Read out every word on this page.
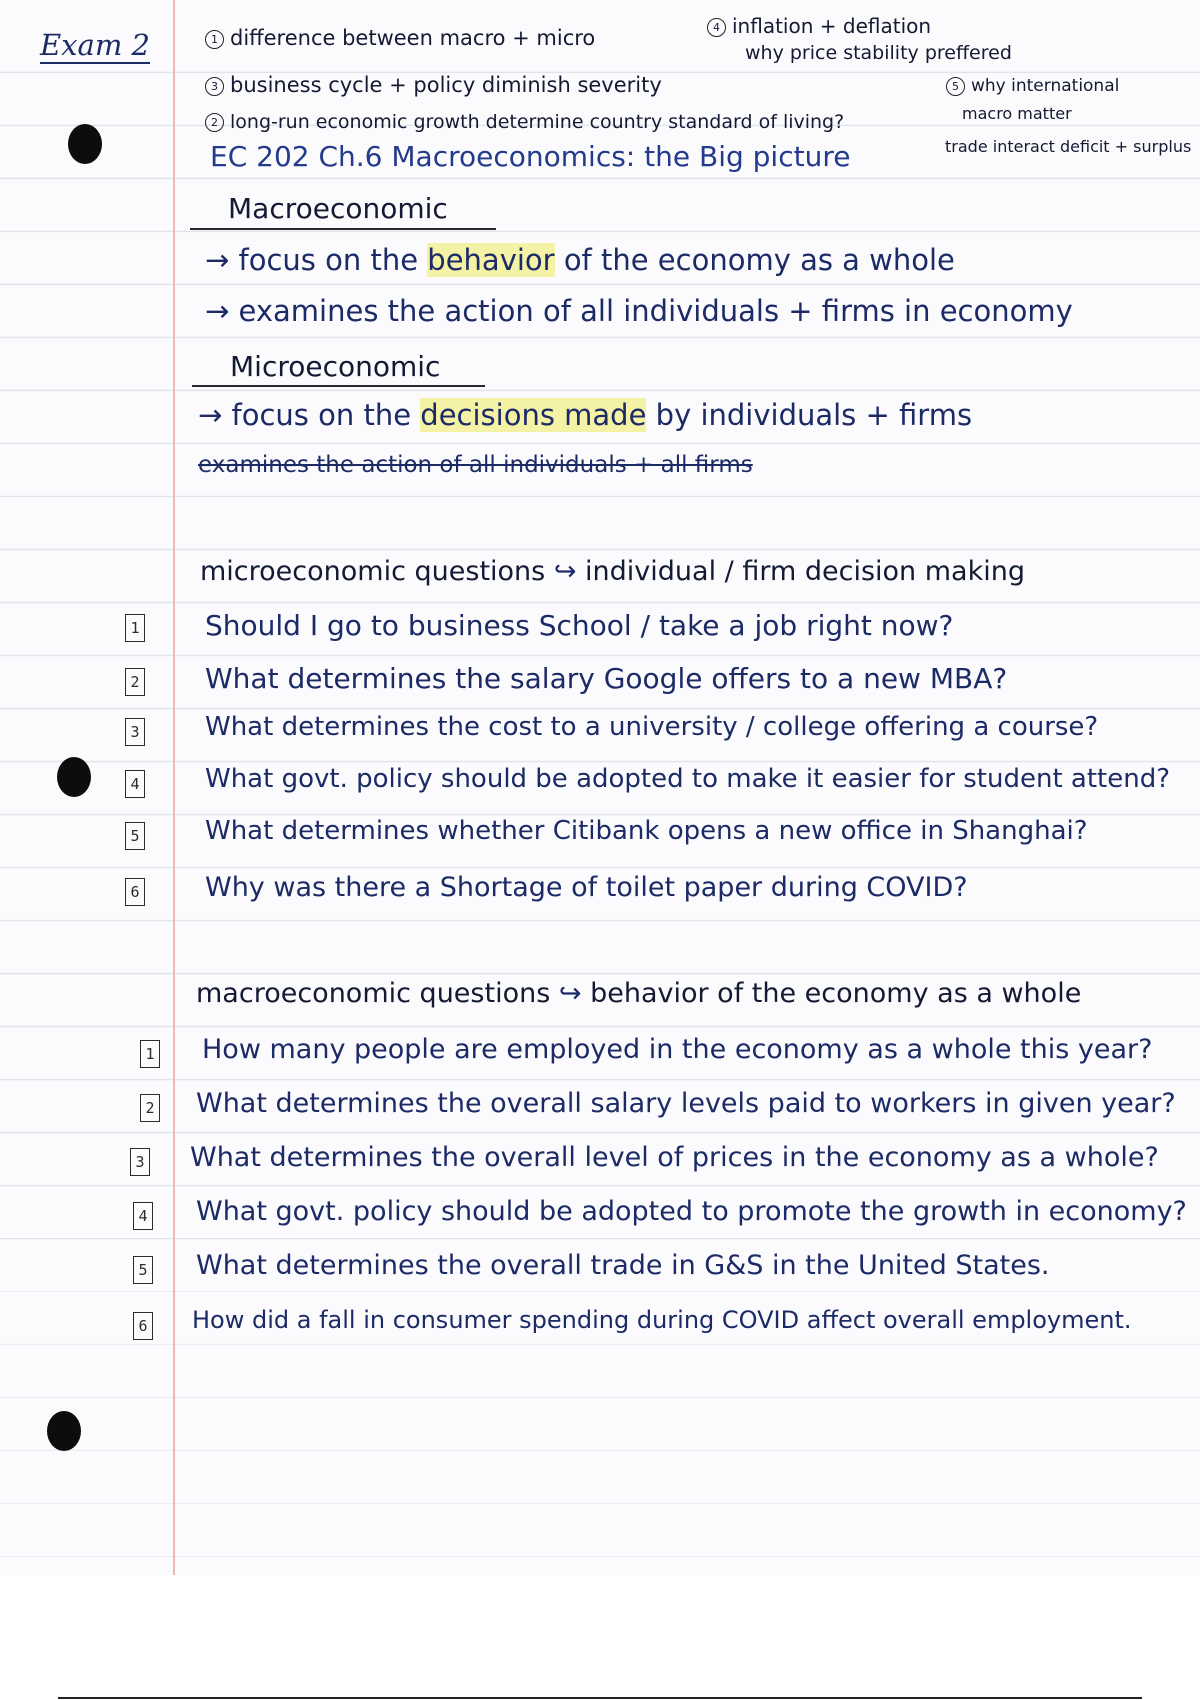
Exam 2	1 difference between macro + micro
3 business cycle + policy diminish severity
2 long-run economic growth determine country standard of living?
4 inflation + deflation
why price stability preffered
5 why international
macro matter
trade interact deficit + surplus
EC 202 Ch.6 Macroeconomics: the Big picture
Macroeconomic
→ focus on the behavior of the economy as a whole
→ examines the action of all individuals + firms in economy
Microeconomic
→ focus on the decisions made by individuals + firms
examines the action of all individuals + all firms
microeconomic questions ↪ individual / firm decision making
1 Should I go to business School / take a job right now?
2 What determines the salary Google offers to a new MBA?
3	What determines the cost to a university / college offering a course?
4	What govt. policy should be adopted to make it easier for student attend?
5	What determines whether Citibank opens a new office in Shanghai?
6 Why was there a Shortage of toilet paper during COVID?
macroeconomic questions ↪ behavior of the economy as a whole
1 How many people are employed in the economy as a whole this year?
2 What determines the overall salary levels paid to workers in given year?
3 What determines the overall level of prices in the economy as a whole?
4 What govt. policy should be adopted to promote the growth in economy?
5 What determines the overall trade in G&S in the United States.
6 How did a fall in consumer spending during COVID affect overall employment.
